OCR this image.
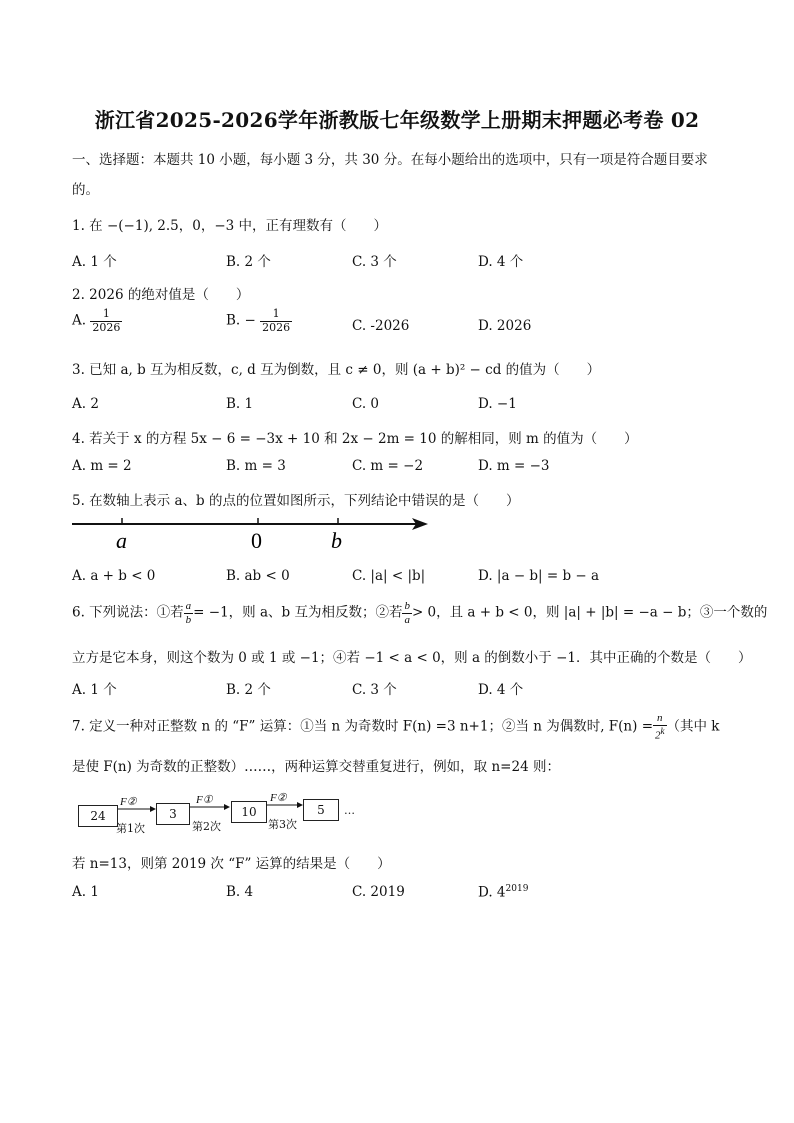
浙江省2025-2026学年浙教版七年级数学上册期末押题必考卷 02
一、选择题：本题共 10 小题，每小题 3 分，共 30 分。在每小题给出的选项中，只有一项是符合题目要求
的。
1. 在 −(−1), 2.5，0，−3 中，正有理数有（　　）
A. 1 个	B. 2 个	C. 3 个	D. 4 个
2. 2026 的绝对值是（　　）
A. $\frac{1}{2026}$	B. − $\frac{1}{2026}$	C. -2026	D. 2026
3. 已知 a, b 互为相反数，c, d 互为倒数，且 c ≠ 0，则 (a + b)² − cd 的值为（　　）
A. 2	B. 1	C. 0	D. −1
4. 若关于 x 的方程 5x − 6 = −3x + 10 和 2x − 2m = 10 的解相同，则 m 的值为（　　）
A. m = 2	B. m = 3	C. m = −2	D. m = −3
5. 在数轴上表示 a、b 的点的位置如图所示，下列结论中错误的是（　　）
a	0	b
A. a + b < 0	B. ab < 0	C. |a| < |b|	D. |a − b| = b − a
6. 下列说法：①若 $\frac{a}{b} = -1$，则 a、b 互为相反数；②若 $\frac{b}{a} > 0$，且 a + b < 0，则 |a| + |b| = −a − b；③一个数的
立方是它本身，则这个数为 0 或 1 或 −1；④若 −1 < a < 0，则 a 的倒数小于 −1．其中正确的个数是（　　）
A. 1 个	B. 2 个	C. 3 个	D. 4 个
7. 定义一种对正整数 n 的 “F” 运算：①当 n 为奇数时 F(n) =3 n+1；②当 n 为偶数时, $F(n) = \frac{n}{2^k}$ （其中 k
是使 F(n) 为奇数的正整数）……，两种运算交替重复进行，例如，取 n=24 则：
24	3	10	5	…
F②	F①	F②
第1次	第2次	第3次
若 n=13，则第 2019 次 “F” 运算的结果是（　　）
A. 1	B. 4	C. 2019	D. $4^{2019}$
